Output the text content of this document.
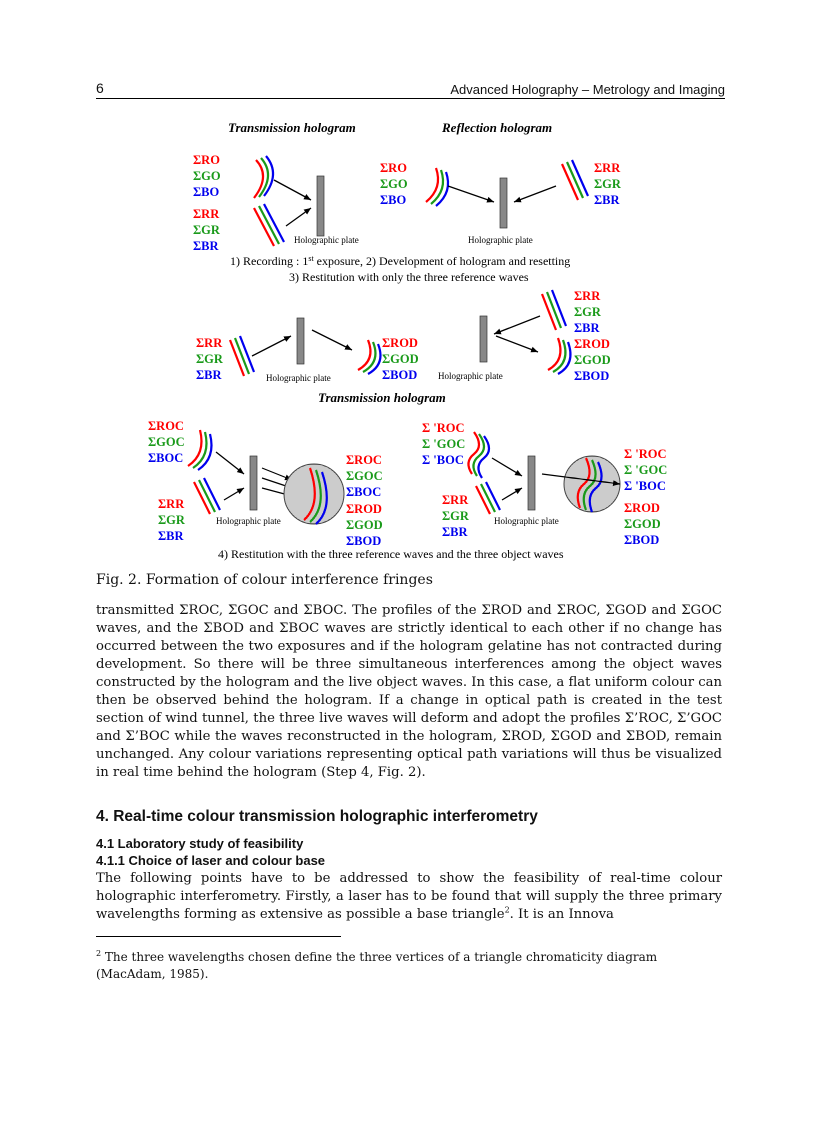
6	Advanced Holography – Metrology and Imaging
Transmission hologram	Reflection hologram
ΣRO
ΣGO
ΣBO
ΣRR
ΣGR
ΣBR	Holographic plate
ΣRO
ΣGO
ΣBO
ΣRR
ΣGR
ΣBR
Holographic plate
1) Recording : 1st exposure, 2) Development of hologram and resetting
3) Restitution with only the three reference waves
ΣRR
ΣGR
ΣBR
ΣROD
ΣGOD
ΣBOD
Holographic plate
ΣRR
ΣGR
ΣBR
ΣROD
ΣGOD
ΣBOD
Holographic plate
Transmission hologram
ΣROC
ΣGOC
ΣBOC
ΣRR
ΣGR
ΣBR
Holographic plate
ΣROC
ΣGOC
ΣBOC
ΣROD
ΣGOD
ΣBOD
Σ 'ROC
Σ 'GOC
Σ 'BOC
ΣRR
ΣGR
ΣBR
Holographic plate
Σ 'ROC
Σ 'GOC
Σ 'BOC
ΣROD
ΣGOD
ΣBOD
4) Restitution with the three reference waves and the three object waves
Fig. 2. Formation of colour interference fringes

transmitted ΣROC, ΣGOC and ΣBOC. The profiles of the ΣROD and ΣROC, ΣGOD and ΣGOC waves, and the ΣBOD and ΣBOC waves are strictly identical to each other if no change has occurred between the two exposures and if the hologram gelatine has not contracted during development. So there will be three simultaneous interferences among the object waves constructed by the hologram and the live object waves. In this case, a flat uniform colour can then be observed behind the hologram. If a change in optical path is created in the test section of wind tunnel, the three live waves will deform and adopt the profiles Σ’ROC, Σ’GOC and Σ’BOC while the waves reconstructed in the hologram, ΣROD, ΣGOD and ΣBOD, remain unchanged. Any colour variations representing optical path variations will thus be visualized in real time behind the hologram (Step 4, Fig. 2).

4. Real-time colour transmission holographic interferometry
4.1 Laboratory study of feasibility
4.1.1 Choice of laser and colour base

The following points have to be addressed to show the feasibility of real-time colour holographic interferometry. Firstly, a laser has to be found that will supply the three primary wavelengths forming as extensive as possible a base triangle$^2$. It is an Innova

$^2$ The three wavelengths chosen define the three vertices of a triangle chromaticity diagram (MacAdam, 1985).
